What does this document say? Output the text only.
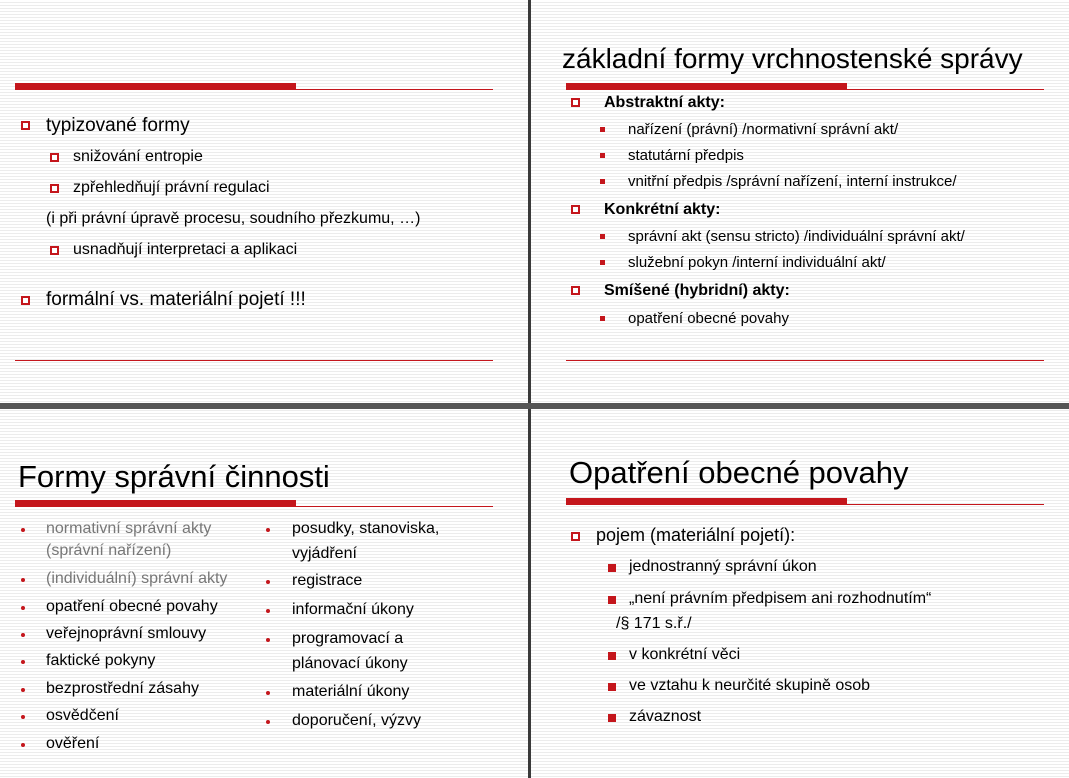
typizované formy
snižování entropie
zpřehledňují právní regulaci
(i při právní úpravě procesu, soudního přezkumu, …)
usnadňují interpretaci a aplikaci
formální vs. materiální pojetí !!!
základní formy vrchnostenské správy
Abstraktní akty:
nařízení (právní) /normativní správní akt/
statutární předpis
vnitřní předpis /správní nařízení, interní instrukce/
Konkrétní akty:
správní akt (sensu stricto) /individuální správní akt/
služební pokyn /interní individuální akt/
Smíšené (hybridní) akty:
opatření obecné povahy
Formy správní činnosti
normativní správní akty
(správní nařízení)
(individuální) správní akty
opatření obecné povahy
veřejnoprávní smlouvy
faktické pokyny
bezprostřední zásahy
osvědčení
ověření
posudky, stanoviska,
vyjádření
registrace
informační úkony
programovací a
plánovací úkony
materiální úkony
doporučení, výzvy
Opatření obecné povahy
pojem (materiální pojetí):
jednostranný správní úkon
„není právním předpisem ani rozhodnutím“
/§ 171 s.ř./
v konkrétní věci
ve vztahu k neurčité skupině osob
závaznost
